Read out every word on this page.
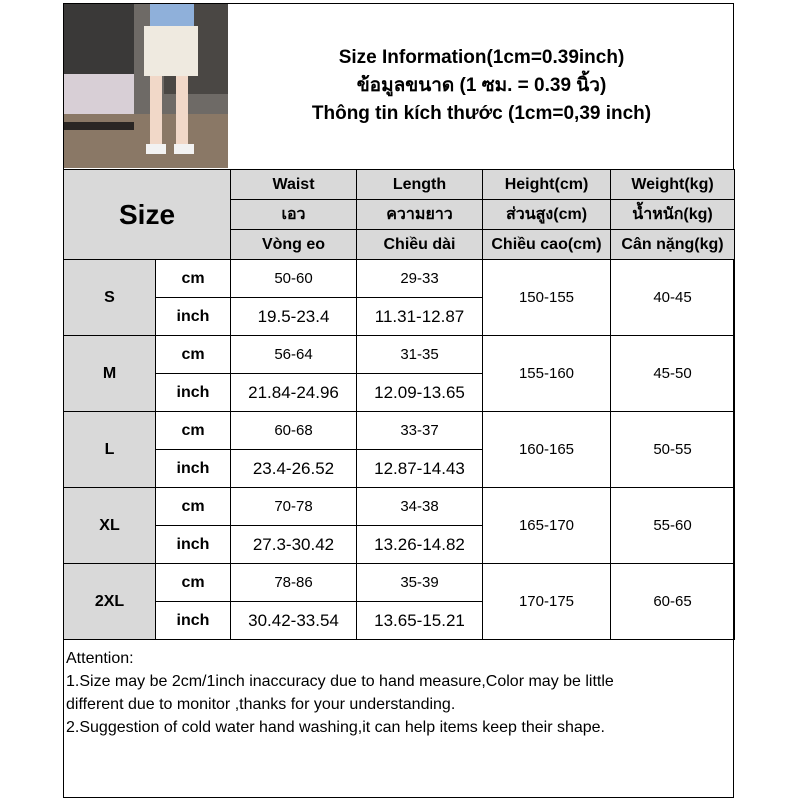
Size Information(1cm=0.39inch)
ข้อมูลขนาด (1 ซม. = 0.39 นิ้ว)
Thông tin kích thước (1cm=0,39 inch)
Size		Waist	Length	Height(cm)	Weight(kg)
		เอว	ความยาว	ส่วนสูง(cm)	น้ำหนัก(kg)
		Vòng eo	Chiều dài	Chiều cao(cm)	Cân nặng(kg)
S	cm	50-60	29-33	150-155	40-45
	inch	19.5-23.4	11.31-12.87		
M	cm	56-64	31-35	155-160	45-50
	inch	21.84-24.96	12.09-13.65		
L	cm	60-68	33-37	160-165	50-55
	inch	23.4-26.52	12.87-14.43		
XL	cm	70-78	34-38	165-170	55-60
	inch	27.3-30.42	13.26-14.82		
2XL	cm	78-86	35-39	170-175	60-65
	inch	30.42-33.54	13.65-15.21		
Attention:
1.Size may be 2cm/1inch inaccuracy due to hand measure,Color may be little
different due to monitor ,thanks for your understanding.
2.Suggestion of cold water hand washing,it can help items keep their shape.
